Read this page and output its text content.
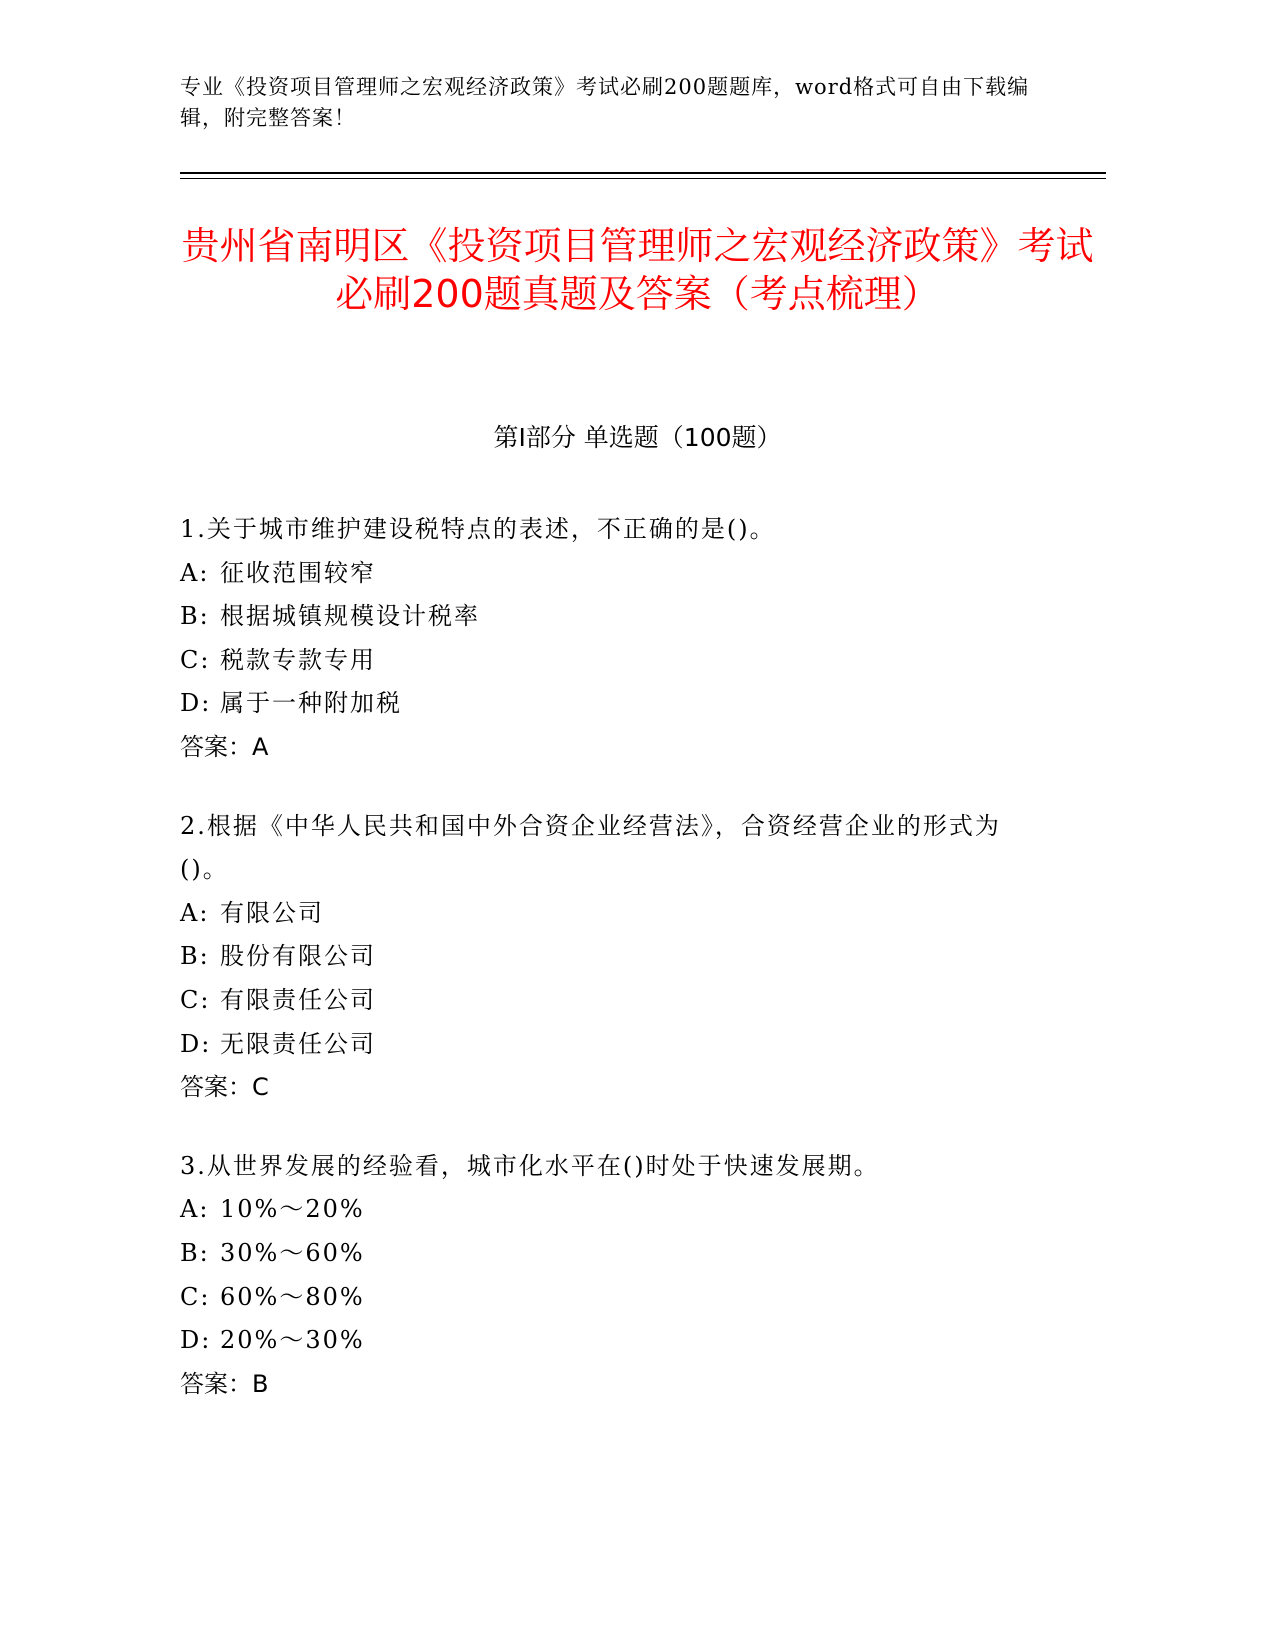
专业《投资项目管理师之宏观经济政策》考试必刷200题题库，word格式可自由下载编辑，附完整答案！
贵州省南明区《投资项目管理师之宏观经济政策》考试必刷200题真题及答案（考点梳理）
第I部分 单选题（100题）
1.关于城市维护建设税特点的表述，不正确的是()。
A: 征收范围较窄
B: 根据城镇规模设计税率
C: 税款专款专用
D: 属于一种附加税
答案：A
2.根据《中华人民共和国中外合资企业经营法》，合资经营企业的形式为()。
A: 有限公司
B: 股份有限公司
C: 有限责任公司
D: 无限责任公司
答案：C
3.从世界发展的经验看，城市化水平在()时处于快速发展期。
A: 10%～20%
B: 30%～60%
C: 60%～80%
D: 20%～30%
答案：B
